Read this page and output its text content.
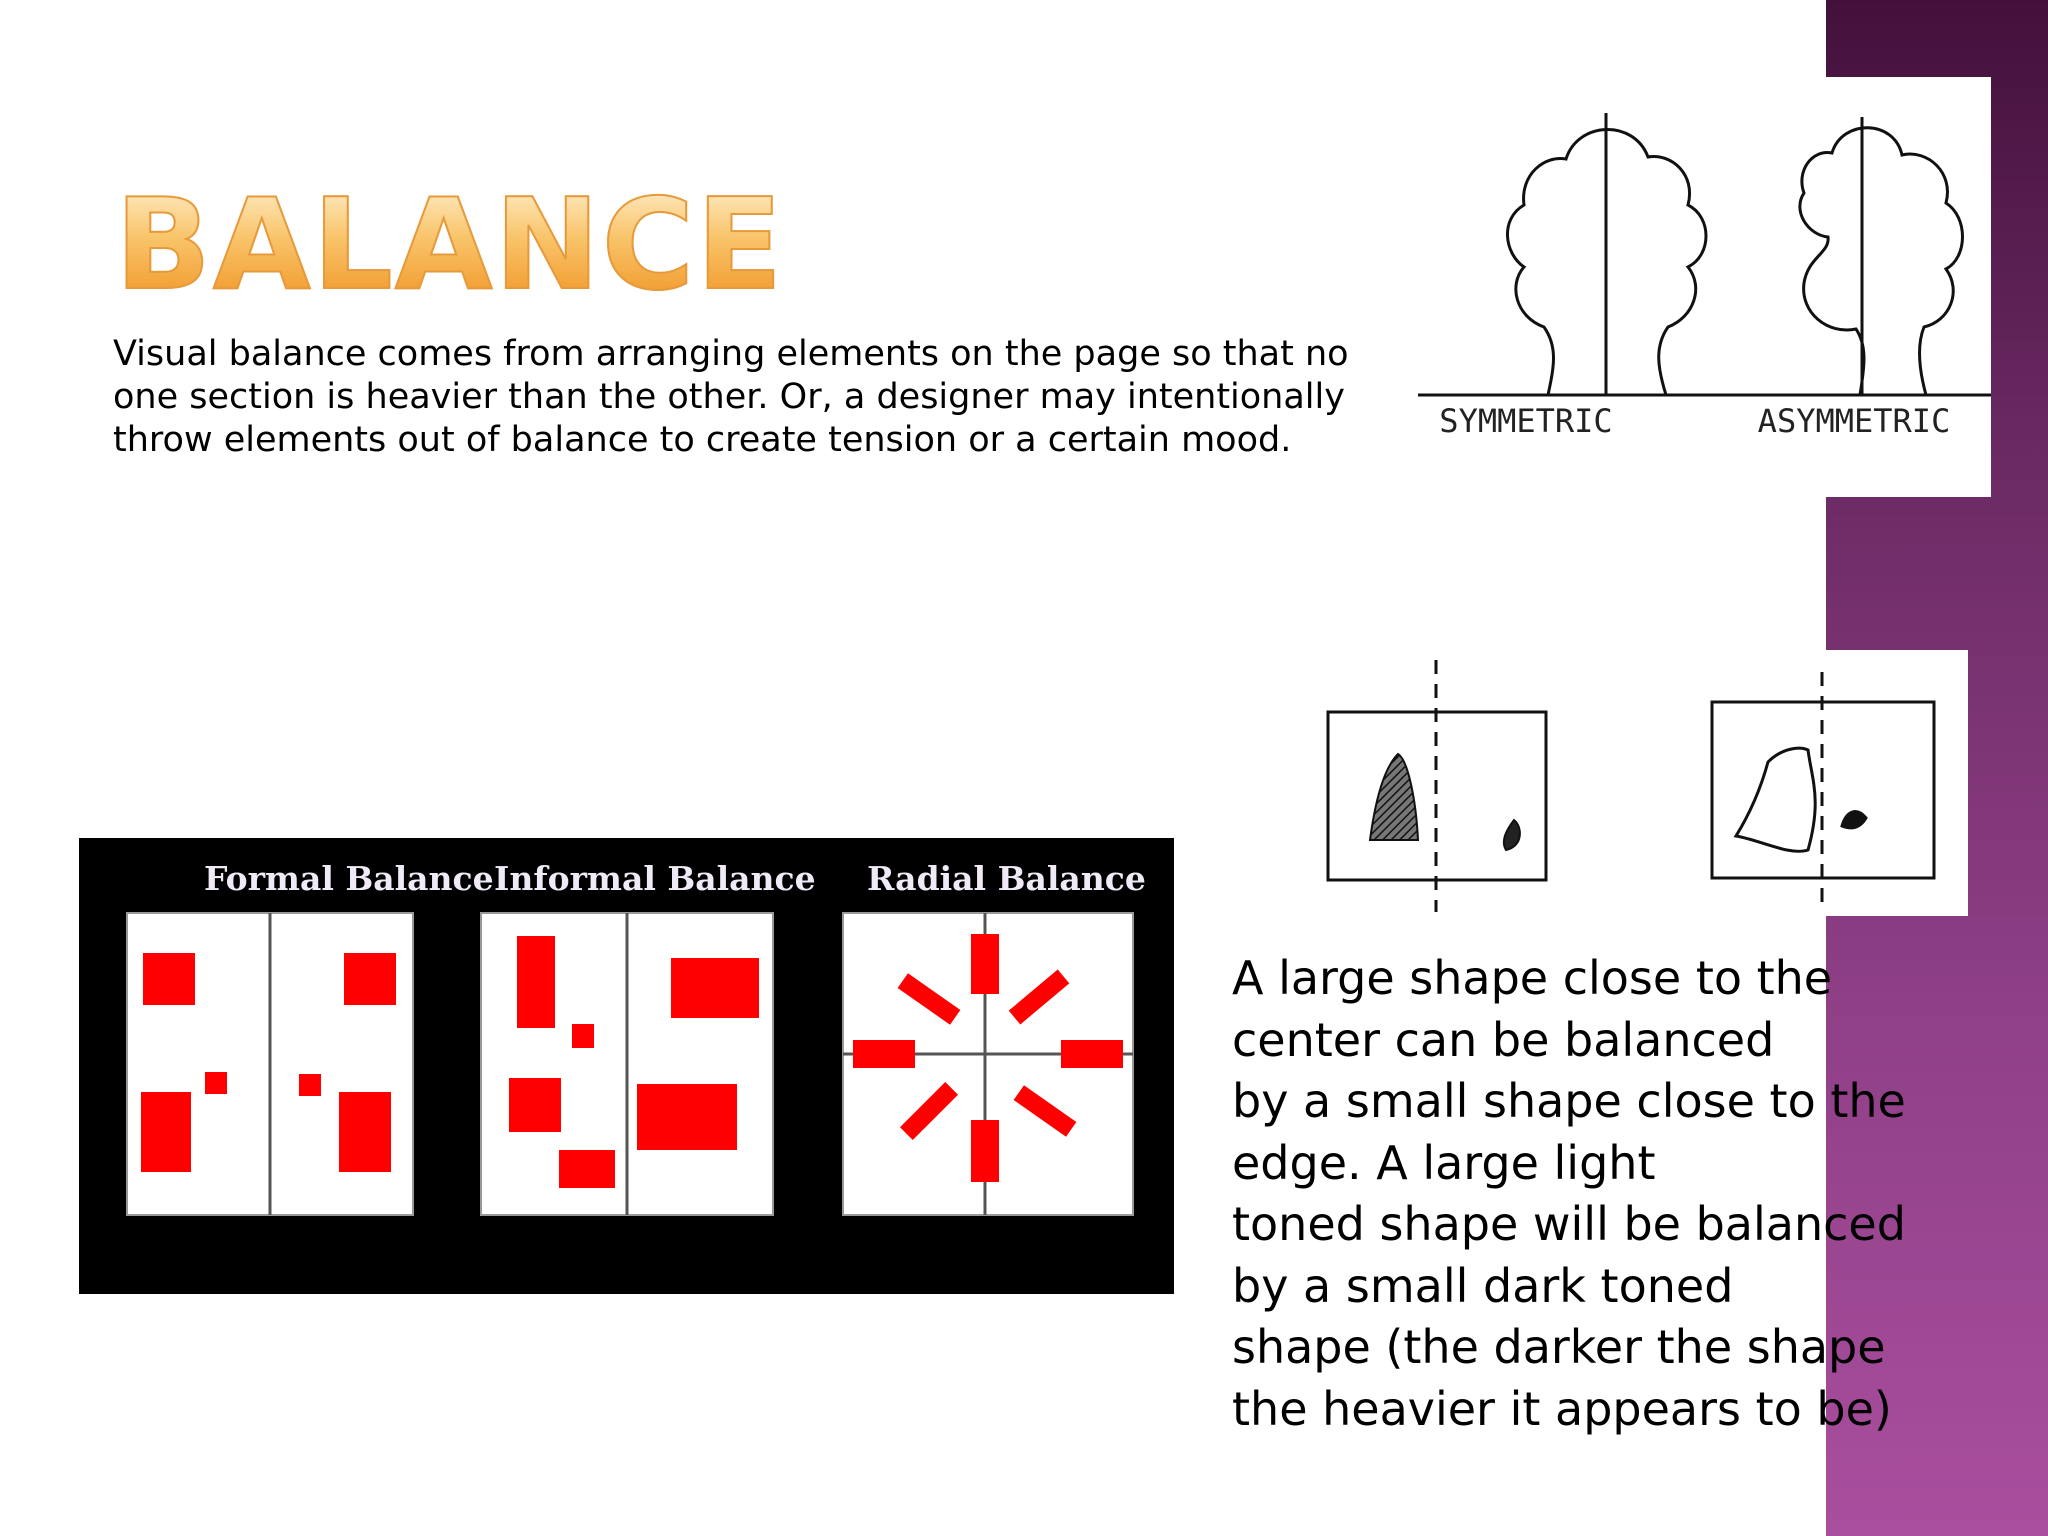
BALANCE
Visual balance comes from arranging elements on the page so that no
one section is heavier than the other. Or, a designer may intentionally
throw elements out of balance to create tension or a certain mood.	SYMMETRIC	ASYMMETRIC
Formal Balance Informal Balance Radial Balance
A large shape close to the
center can be balanced
by a small shape close to the
edge. A large light
toned shape will be balanced
by a small dark toned
shape (the darker the shape
the heavier it appears to be)
